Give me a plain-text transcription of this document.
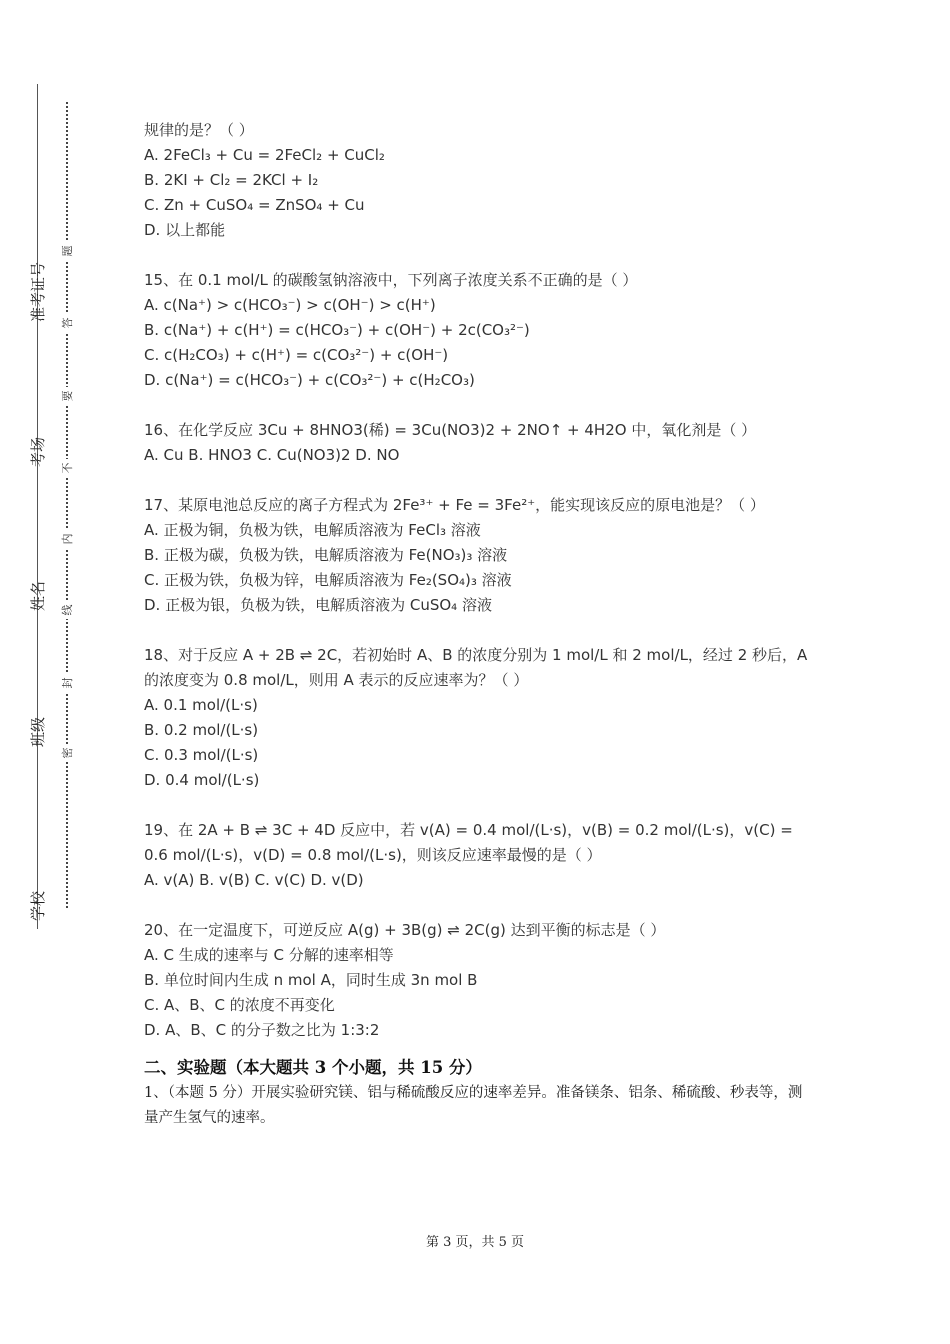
准考证号
考场
姓名
班级
学校
题
答
要
不
内
线
封
密
规律的是？（ ）
A. 2FeCl₃ + Cu = 2FeCl₂ + CuCl₂
B. 2KI + Cl₂ = 2KCl + I₂
C. Zn + CuSO₄ = ZnSO₄ + Cu
D. 以上都能
15、在 0.1 mol/L 的碳酸氢钠溶液中，下列离子浓度关系不正确的是（ ）
A. c(Na⁺) > c(HCO₃⁻) > c(OH⁻) > c(H⁺)
B. c(Na⁺) + c(H⁺) = c(HCO₃⁻) + c(OH⁻) + 2c(CO₃²⁻)
C. c(H₂CO₃) + c(H⁺) = c(CO₃²⁻) + c(OH⁻)
D. c(Na⁺) = c(HCO₃⁻) + c(CO₃²⁻) + c(H₂CO₃)
16、在化学反应 3Cu + 8HNO3(稀) = 3Cu(NO3)2 + 2NO↑ + 4H2O 中，氧化剂是（ ）
A. Cu B. HNO3 C. Cu(NO3)2 D. NO
17、某原电池总反应的离子方程式为 2Fe³⁺ + Fe = 3Fe²⁺，能实现该反应的原电池是？（ ）
A. 正极为铜，负极为铁，电解质溶液为 FeCl₃ 溶液
B. 正极为碳，负极为铁，电解质溶液为 Fe(NO₃)₃ 溶液
C. 正极为铁，负极为锌，电解质溶液为 Fe₂(SO₄)₃ 溶液
D. 正极为银，负极为铁，电解质溶液为 CuSO₄ 溶液
18、对于反应 A + 2B ⇌ 2C，若初始时 A、B 的浓度分别为 1 mol/L 和 2 mol/L，经过 2 秒后，A 的浓度变为 0.8 mol/L，则用 A 表示的反应速率为？（ ）
A. 0.1 mol/(L·s)
B. 0.2 mol/(L·s)
C. 0.3 mol/(L·s)
D. 0.4 mol/(L·s)
19、在 2A + B ⇌ 3C + 4D 反应中，若 v(A) = 0.4 mol/(L·s)，v(B) = 0.2 mol/(L·s)，v(C) = 0.6 mol/(L·s)，v(D) = 0.8 mol/(L·s)，则该反应速率最慢的是（ ）
A. v(A) B. v(B) C. v(C) D. v(D)
20、在一定温度下，可逆反应 A(g) + 3B(g) ⇌ 2C(g) 达到平衡的标志是（ ）
A. C 生成的速率与 C 分解的速率相等
B. 单位时间内生成 n mol A，同时生成 3n mol B
C. A、B、C 的浓度不再变化
D. A、B、C 的分子数之比为 1:3:2
二、实验题（本大题共 3 个小题，共 15 分）
1、（本题 5 分）开展实验研究镁、铝与稀硫酸反应的速率差异。准备镁条、铝条、稀硫酸、秒表等，测量产生氢气的速率。
第 3 页，共 5 页
